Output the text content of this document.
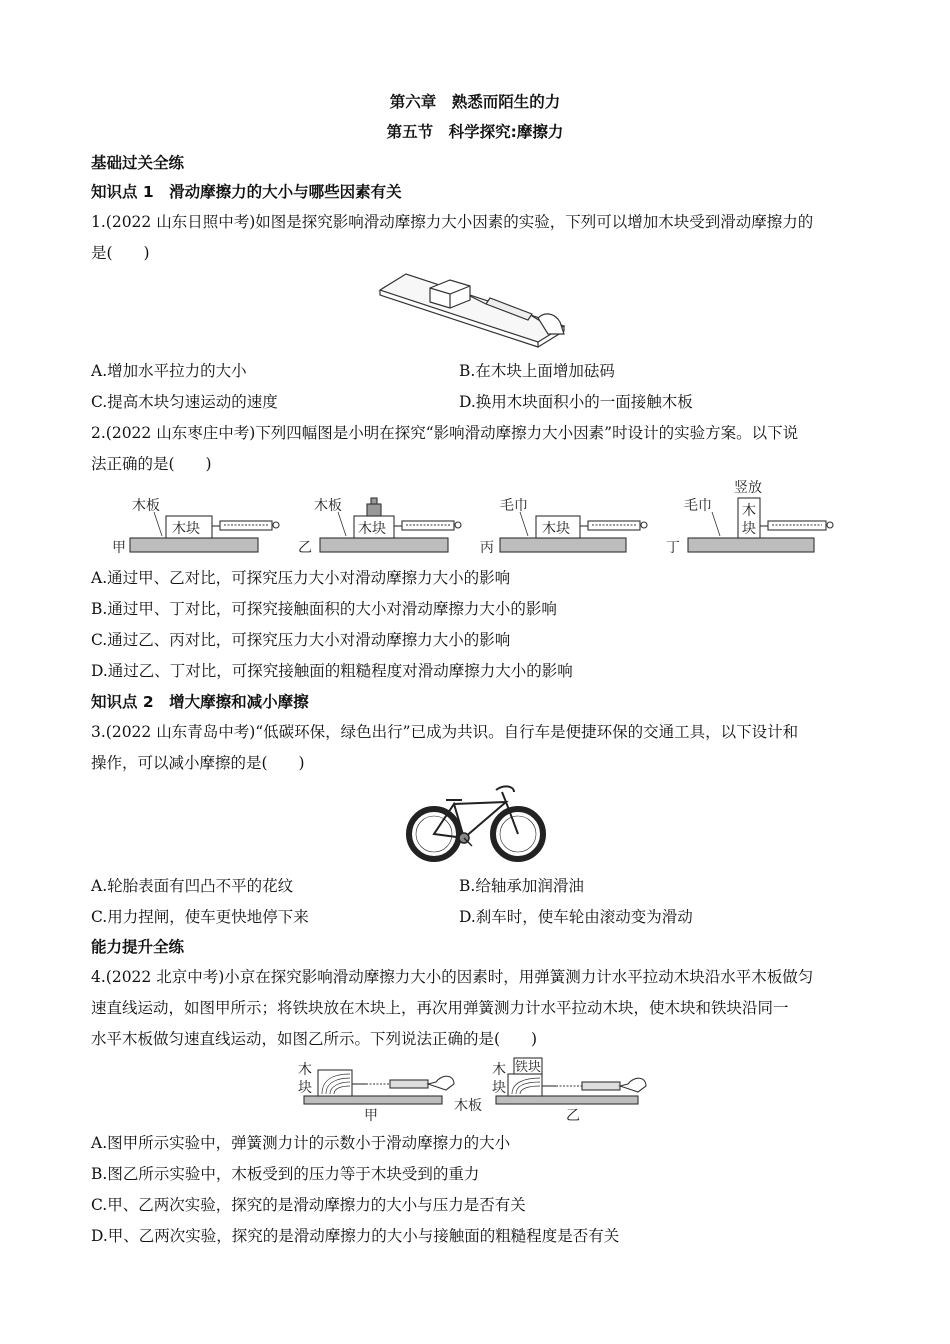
第六章　熟悉而陌生的力
第五节　科学探究:摩擦力
基础过关全练
知识点 1　滑动摩擦力的大小与哪些因素有关
1.(2022 山东日照中考)如图是探究影响滑动摩擦力大小因素的实验，下列可以增加木块受到滑动摩擦力的
是(　　)
A.增加水平拉力的大小	B.在木块上面增加砝码
C.提高木块匀速运动的速度	D.换用木块面积小的一面接触木板
2.(2022 山东枣庄中考)下列四幅图是小明在探究“影响滑动摩擦力大小因素”时设计的实验方案。以下说
法正确的是(　　)
甲
木板
木块
乙
木板
木块
丙
毛巾
木块
丁
毛巾
竖放
木
块
A.通过甲、乙对比，可探究压力大小对滑动摩擦力大小的影响
B.通过甲、丁对比，可探究接触面积的大小对滑动摩擦力大小的影响
C.通过乙、丙对比，可探究压力大小对滑动摩擦力大小的影响
D.通过乙、丁对比，可探究接触面的粗糙程度对滑动摩擦力大小的影响
知识点 2　增大摩擦和减小摩擦
3.(2022 山东青岛中考)“低碳环保，绿色出行”已成为共识。自行车是便捷环保的交通工具，以下设计和
操作，可以减小摩擦的是(　　)
A.轮胎表面有凹凸不平的花纹	B.给轴承加润滑油
C.用力捏闸，使车更快地停下来	D.刹车时，使车轮由滚动变为滑动
能力提升全练
4.(2022 北京中考)小京在探究影响滑动摩擦力大小的因素时，用弹簧测力计水平拉动木块沿水平木板做匀
速直线运动，如图甲所示；将铁块放在木块上，再次用弹簧测力计水平拉动木块，使木块和铁块沿同一
水平木板做匀速直线运动，如图乙所示。下列说法正确的是(　　)
木
块
甲
木板
木
块
铁块
乙
A.图甲所示实验中，弹簧测力计的示数小于滑动摩擦力的大小
B.图乙所示实验中，木板受到的压力等于木块受到的重力
C.甲、乙两次实验，探究的是滑动摩擦力的大小与压力是否有关
D.甲、乙两次实验，探究的是滑动摩擦力的大小与接触面的粗糙程度是否有关
